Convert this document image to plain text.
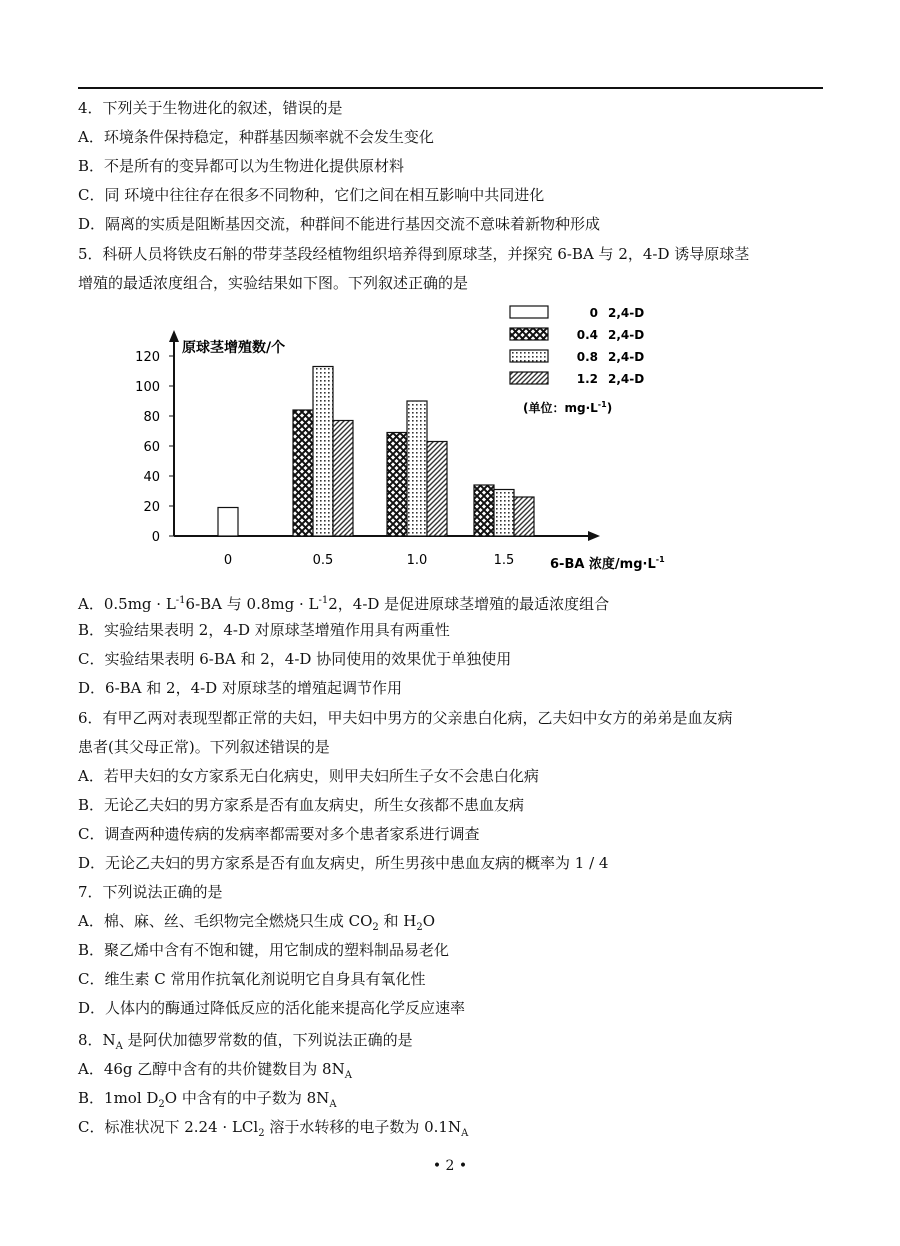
4．下列关于生物进化的叙述，错误的是
A．环境条件保持稳定，种群基因频率就不会发生变化
B．不是所有的变异都可以为生物进化提供原材料
C．同 环境中往往存在很多不同物种，它们之间在相互影响中共同进化
D．隔离的实质是阻断基因交流，种群间不能进行基因交流不意味着新物种形成
5．科研人员将铁皮石斛的带芽茎段经植物组织培养得到原球茎，并探究 6-BA 与 2，4-D 诱导原球茎
增殖的最适浓度组合，实验结果如下图。下列叙述正确的是
原球茎增殖数/个
6-BA 浓度$/mg\cdot L^{-1}$
0
20
40
60
80
100
120
0	0.5	1.0	1.5
0 2,4-D
0.4 2,4-D
0.8 2,4-D
1.2 2,4-D
(单位：$mg\cdot L^{-1}$)
A．$0.5mg \cdot L^{-1}6-BA$ 与 $0.8mg \cdot L^{-1}2$，4-D 是促进原球茎增殖的最适浓度组合
B．实验结果表明 2，4-D 对原球茎增殖作用具有两重性
C．实验结果表明 6-BA 和 2，4-D 协同使用的效果优于单独使用
D．6-BA 和 2，4-D 对原球茎的增殖起调节作用
6．有甲乙两对表现型都正常的夫妇，甲夫妇中男方的父亲患白化病，乙夫妇中女方的弟弟是血友病
患者(其父母正常)。下列叙述错误的是
A．若甲夫妇的女方家系无白化病史，则甲夫妇所生子女不会患白化病
B．无论乙夫妇的男方家系是否有血友病史，所生女孩都不患血友病
C．调查两种遗传病的发病率都需要对多个患者家系进行调查
D．无论乙夫妇的男方家系是否有血友病史，所生男孩中患血友病的概率为 1 / 4
7．下列说法正确的是
A．棉、麻、丝、毛织物完全燃烧只生成 $CO_2$ 和 $H_2O$
B．聚乙烯中含有不饱和键，用它制成的塑料制品易老化
C．维生素 C 常用作抗氧化剂说明它自身具有氧化性
D．人体内的酶通过降低反应的活化能来提高化学反应速率
8．$N_A$ 是阿伏加德罗常数的值，下列说法正确的是
A．46g 乙醇中含有的共价键数目为 $8N_A$
B．1mol $D_2O$ 中含有的中子数为 $8N_A$
C．标准状况下 2.24 · LCl$_2$ 溶于水转移的电子数为 $0.1N_A$
• 2 •
